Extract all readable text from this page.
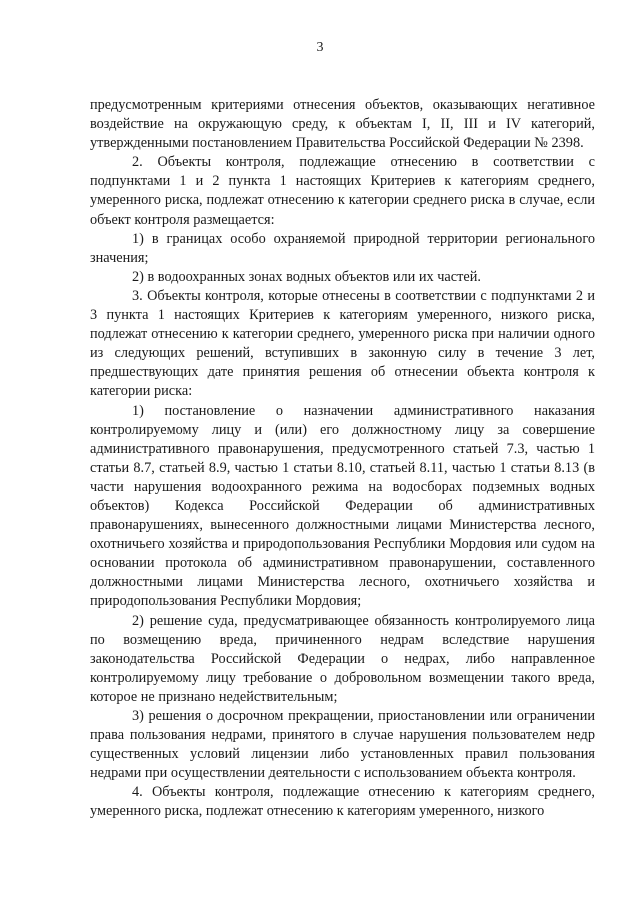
3

предусмотренным критериями отнесения объектов, оказывающих негативное воздействие на окружающую среду, к объектам I, II, III и IV категорий, утвержденными постановлением Правительства Российской Федерации № 2398.

2. Объекты контроля, подлежащие отнесению в соответствии с подпунктами 1 и 2 пункта 1 настоящих Критериев к категориям среднего, умеренного риска, подлежат отнесению к категории среднего риска в случае, если объект контроля размещается:

1) в границах особо охраняемой природной территории регионального значения;

2) в водоохранных зонах водных объектов или их частей.

3. Объекты контроля, которые отнесены в соответствии с подпунктами 2 и 3 пункта 1 настоящих Критериев к категориям умеренного, низкого риска, подлежат отнесению к категории среднего, умеренного риска при наличии одного из следующих решений, вступивших в законную силу в течение 3 лет, предшествующих дате принятия решения об отнесении объекта контроля к категории риска:

1) постановление о назначении административного наказания контролируемому лицу и (или) его должностному лицу за совершение административного правонарушения, предусмотренного статьей 7.3, частью 1 статьи 8.7, статьей 8.9, частью 1 статьи 8.10, статьей 8.11, частью 1 статьи 8.13 (в части нарушения водоохранного режима на водосборах подземных водных объектов) Кодекса Российской Федерации об административных правонарушениях, вынесенного должностными лицами Министерства лесного, охотничьего хозяйства и природопользования Республики Мордовия или судом на основании протокола об административном правонарушении, составленного должностными лицами Министерства лесного, охотничьего хозяйства и природопользования Республики Мордовия;

2) решение суда, предусматривающее обязанность контролируемого лица по возмещению вреда, причиненного недрам вследствие нарушения законодательства Российской Федерации о недрах, либо направленное контролируемому лицу требование о добровольном возмещении такого вреда, которое не признано недействительным;

3) решения о досрочном прекращении, приостановлении или ограничении права пользования недрами, принятого в случае нарушения пользователем недр существенных условий лицензии либо установленных правил пользования недрами при осуществлении деятельности с использованием объекта контроля.

4. Объекты контроля, подлежащие отнесению к категориям среднего, умеренного риска, подлежат отнесению к категориям умеренного, низкого
